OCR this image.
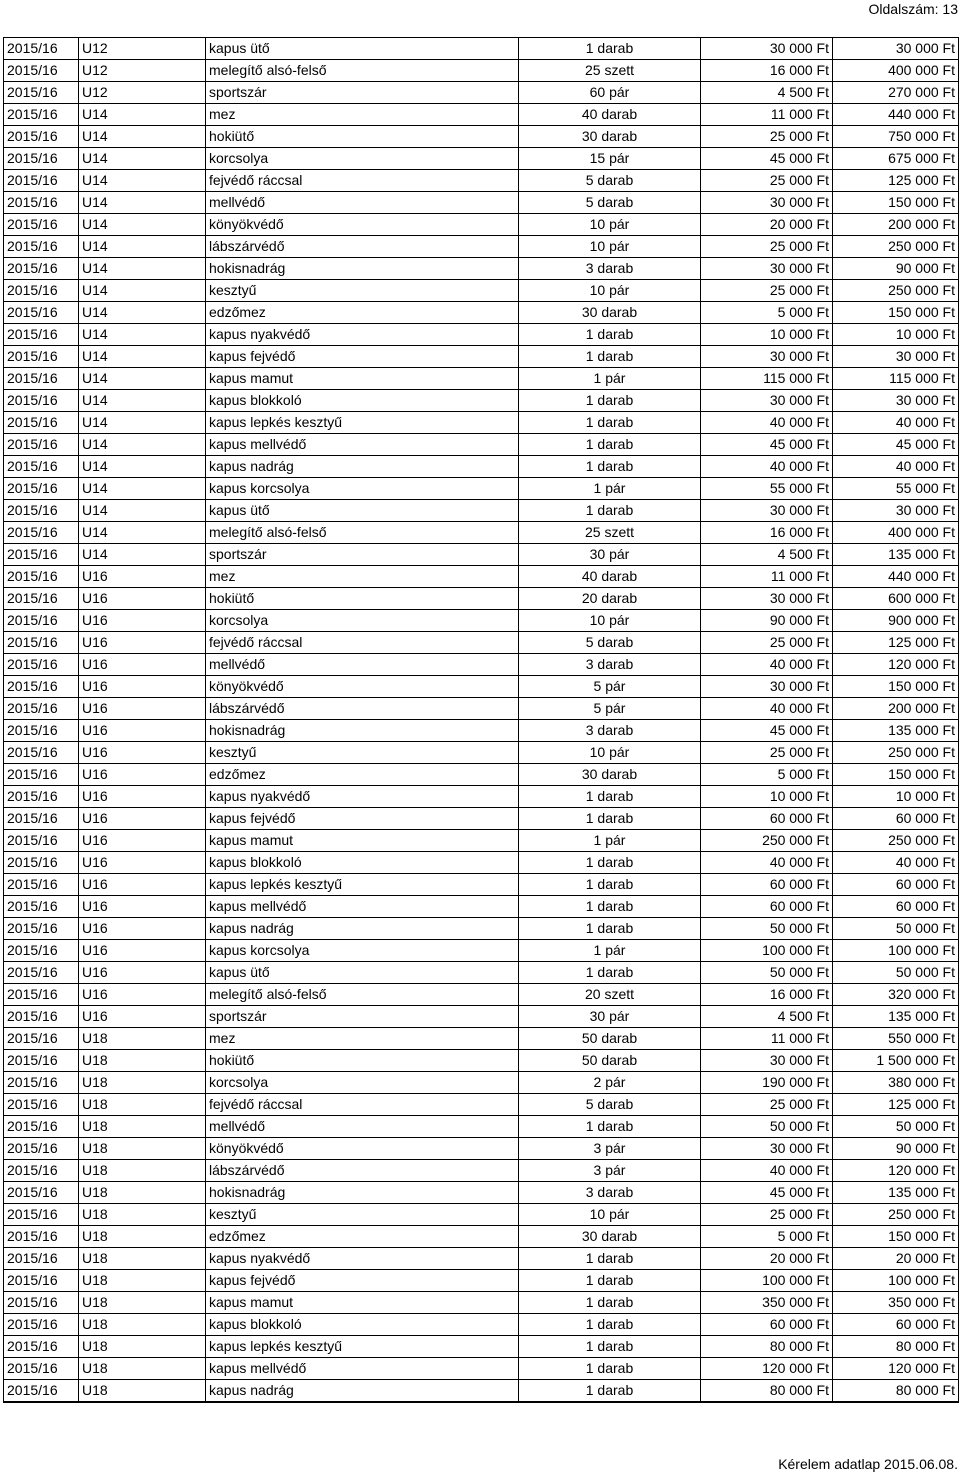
Oldalszám: 13
2015/16	U12	kapus ütő	1 darab	30 000 Ft	30 000 Ft
2015/16	U12	melegítő alsó-felső	25 szett	16 000 Ft	400 000 Ft
2015/16	U12	sportszár	60 pár	4 500 Ft	270 000 Ft
2015/16	U14	mez	40 darab	11 000 Ft	440 000 Ft
2015/16	U14	hokiütő	30 darab	25 000 Ft	750 000 Ft
2015/16	U14	korcsolya	15 pár	45 000 Ft	675 000 Ft
2015/16	U14	fejvédő ráccsal	5 darab	25 000 Ft	125 000 Ft
2015/16	U14	mellvédő	5 darab	30 000 Ft	150 000 Ft
2015/16	U14	könyökvédő	10 pár	20 000 Ft	200 000 Ft
2015/16	U14	lábszárvédő	10 pár	25 000 Ft	250 000 Ft
2015/16	U14	hokisnadrág	3 darab	30 000 Ft	90 000 Ft
2015/16	U14	kesztyű	10 pár	25 000 Ft	250 000 Ft
2015/16	U14	edzőmez	30 darab	5 000 Ft	150 000 Ft
2015/16	U14	kapus nyakvédő	1 darab	10 000 Ft	10 000 Ft
2015/16	U14	kapus fejvédő	1 darab	30 000 Ft	30 000 Ft
2015/16	U14	kapus mamut	1 pár	115 000 Ft	115 000 Ft
2015/16	U14	kapus blokkoló	1 darab	30 000 Ft	30 000 Ft
2015/16	U14	kapus lepkés kesztyű	1 darab	40 000 Ft	40 000 Ft
2015/16	U14	kapus mellvédő	1 darab	45 000 Ft	45 000 Ft
2015/16	U14	kapus nadrág	1 darab	40 000 Ft	40 000 Ft
2015/16	U14	kapus korcsolya	1 pár	55 000 Ft	55 000 Ft
2015/16	U14	kapus ütő	1 darab	30 000 Ft	30 000 Ft
2015/16	U14	melegítő alsó-felső	25 szett	16 000 Ft	400 000 Ft
2015/16	U14	sportszár	30 pár	4 500 Ft	135 000 Ft
2015/16	U16	mez	40 darab	11 000 Ft	440 000 Ft
2015/16	U16	hokiütő	20 darab	30 000 Ft	600 000 Ft
2015/16	U16	korcsolya	10 pár	90 000 Ft	900 000 Ft
2015/16	U16	fejvédő ráccsal	5 darab	25 000 Ft	125 000 Ft
2015/16	U16	mellvédő	3 darab	40 000 Ft	120 000 Ft
2015/16	U16	könyökvédő	5 pár	30 000 Ft	150 000 Ft
2015/16	U16	lábszárvédő	5 pár	40 000 Ft	200 000 Ft
2015/16	U16	hokisnadrág	3 darab	45 000 Ft	135 000 Ft
2015/16	U16	kesztyű	10 pár	25 000 Ft	250 000 Ft
2015/16	U16	edzőmez	30 darab	5 000 Ft	150 000 Ft
2015/16	U16	kapus nyakvédő	1 darab	10 000 Ft	10 000 Ft
2015/16	U16	kapus fejvédő	1 darab	60 000 Ft	60 000 Ft
2015/16	U16	kapus mamut	1 pár	250 000 Ft	250 000 Ft
2015/16	U16	kapus blokkoló	1 darab	40 000 Ft	40 000 Ft
2015/16	U16	kapus lepkés kesztyű	1 darab	60 000 Ft	60 000 Ft
2015/16	U16	kapus mellvédő	1 darab	60 000 Ft	60 000 Ft
2015/16	U16	kapus nadrág	1 darab	50 000 Ft	50 000 Ft
2015/16	U16	kapus korcsolya	1 pár	100 000 Ft	100 000 Ft
2015/16	U16	kapus ütő	1 darab	50 000 Ft	50 000 Ft
2015/16	U16	melegítő alsó-felső	20 szett	16 000 Ft	320 000 Ft
2015/16	U16	sportszár	30 pár	4 500 Ft	135 000 Ft
2015/16	U18	mez	50 darab	11 000 Ft	550 000 Ft
2015/16	U18	hokiütő	50 darab	30 000 Ft	1 500 000 Ft
2015/16	U18	korcsolya	2 pár	190 000 Ft	380 000 Ft
2015/16	U18	fejvédő ráccsal	5 darab	25 000 Ft	125 000 Ft
2015/16	U18	mellvédő	1 darab	50 000 Ft	50 000 Ft
2015/16	U18	könyökvédő	3 pár	30 000 Ft	90 000 Ft
2015/16	U18	lábszárvédő	3 pár	40 000 Ft	120 000 Ft
2015/16	U18	hokisnadrág	3 darab	45 000 Ft	135 000 Ft
2015/16	U18	kesztyű	10 pár	25 000 Ft	250 000 Ft
2015/16	U18	edzőmez	30 darab	5 000 Ft	150 000 Ft
2015/16	U18	kapus nyakvédő	1 darab	20 000 Ft	20 000 Ft
2015/16	U18	kapus fejvédő	1 darab	100 000 Ft	100 000 Ft
2015/16	U18	kapus mamut	1 darab	350 000 Ft	350 000 Ft
2015/16	U18	kapus blokkoló	1 darab	60 000 Ft	60 000 Ft
2015/16	U18	kapus lepkés kesztyű	1 darab	80 000 Ft	80 000 Ft
2015/16	U18	kapus mellvédő	1 darab	120 000 Ft	120 000 Ft
2015/16	U18	kapus nadrág	1 darab	80 000 Ft	80 000 Ft
Kérelem adatlap 2015.06.08.
